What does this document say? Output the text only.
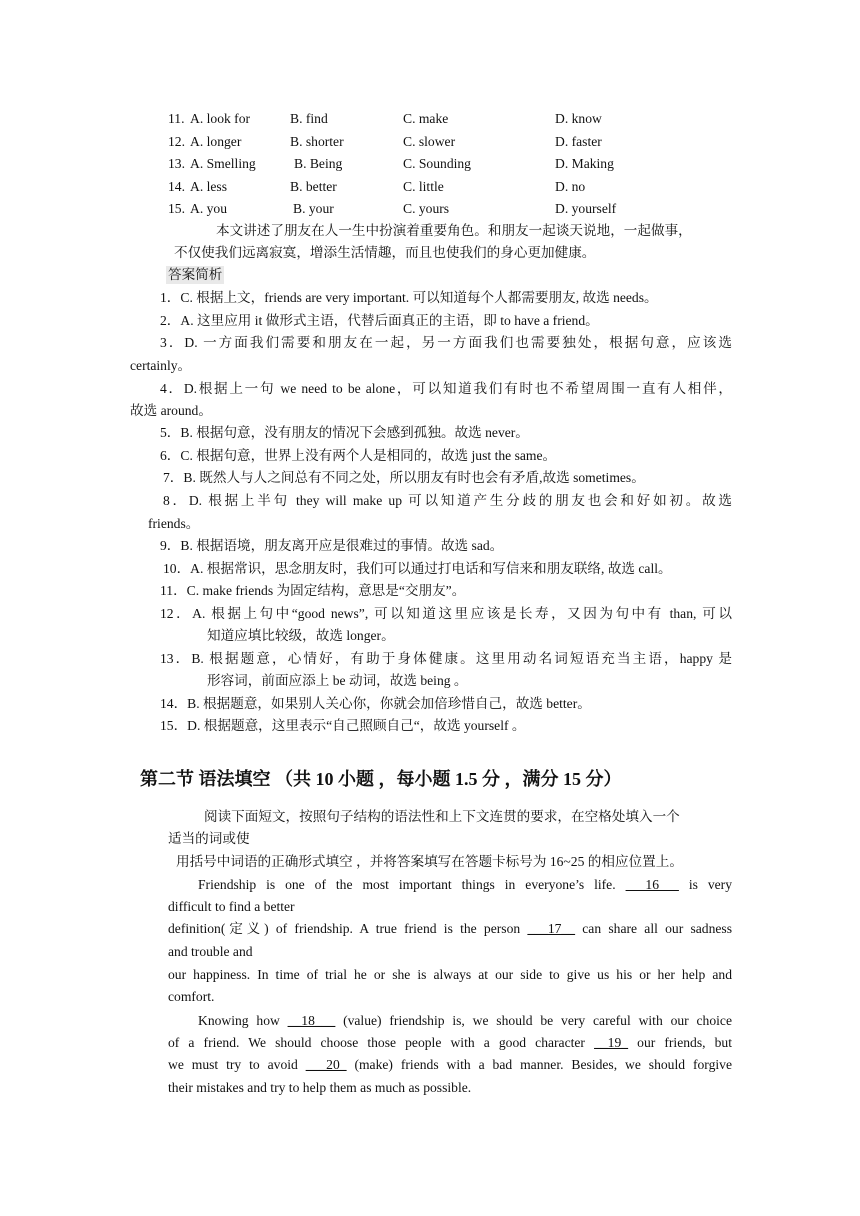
11. A. look for	B. find	C. make	D. know
12. A. longer	B. shorter	C. slower	D. faster
13. A. Smelling	B. Being	C. Sounding	D. Making
14. A. less	B. better	C. little	D. no
15. A. you	B. your	C. yours	D. yourself
本文讲述了朋友在人一生中扮演着重要角色。和朋友一起谈天说地，一起做事，
不仅使我们远离寂寞，增添生活情趣，而且也使我们的身心更加健康。
答案简析
1．C. 根据上文，friends are very important. 可以知道每个人都需要朋友, 故选 needs。
2．A. 这里应用 it 做形式主语，代替后面真正的主语，即 to have a friend。
3．D. 一方面我们需要和朋友在一起，另一方面我们也需要独处，根据句意，应该选
certainly。
4．D.根据上一句 we need to be alone，可以知道我们有时也不希望周围一直有人相伴，
故选 around。
5．B. 根据句意，没有朋友的情况下会感到孤独。故选 never。
6．C. 根据句意，世界上没有两个人是相同的，故选 just the same。
7．B. 既然人与人之间总有不同之处，所以朋友有时也会有矛盾,故选 sometimes。
8．D. 根据上半句 they will make up 可以知道产生分歧的朋友也会和好如初。故选
friends。
9．B. 根据语境，朋友离开应是很难过的事情。故选 sad。
10．A. 根据常识，思念朋友时，我们可以通过打电话和写信来和朋友联络, 故选 call。
11．C. make friends 为固定结构，意思是“交朋友”。
12．A. 根据上句中“good news”, 可以知道这里应该是长寿，又因为句中有 than, 可以
知道应填比较级，故选 longer。
13．B. 根据题意，心情好，有助于身体健康。这里用动名词短语充当主语，happy 是
形容词，前面应添上 be 动词，故选 being 。
14．B. 根据题意，如果别人关心你，你就会加倍珍惜自己，故选 better。
15．D. 根据题意，这里表示“自己照顾自己“，故选 yourself 。
第二节 语法填空 （共 10 小题 ，每小题 1.5 分 ，满分 15 分）
阅读下面短文，按照句子结构的语法性和上下文连贯的要求，在空格处填入一个
适当的词或使
用括号中词语的正确形式填空 ，并将答案填写在答题卡标号为 16~25 的相应位置上。
Friendship is one of the most important things in everyone’s life.   16   is very
difficult to find a better
definition(定义) of friendship. A true friend is the person ___17__ can share all our sadness
and trouble and
our happiness. In time of trial he or she is always at our side to give us his or her help and
comfort.
Knowing how __18___ (value) friendship is, we should be very careful with our choice
of a friend. We should choose those people with a good character __19_ our friends, but
we must try to avoid ___20_ (make) friends with a bad manner. Besides, we should forgive
their mistakes and try to help them as much as possible.
